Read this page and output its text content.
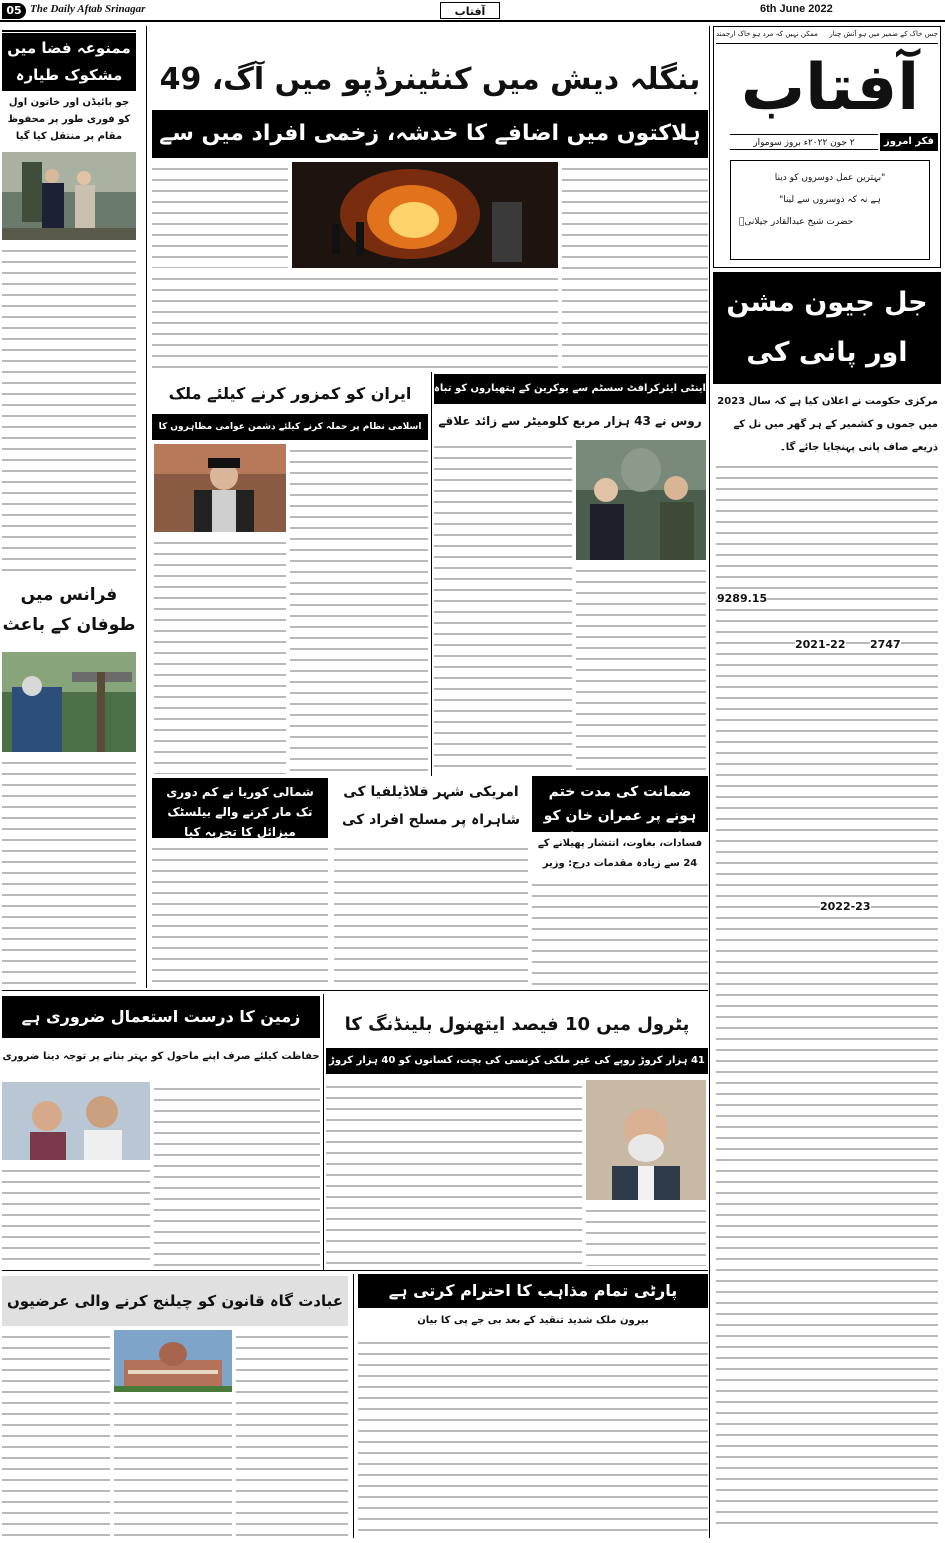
05 The Daily Aftab Srinagar	آفتاب	6th June 2022
جس خاک کے ضمیر میں ہو آتش چنار
ممکن نہیں کہ مرد ہو خاک ارجمند
آفتاب
فکر امروز
۲ جون ۲۰۲۲ء بروز سوموار
"بہترین عمل دوسروں کو دینا
ہے نہ کہ دوسروں سے لینا"
حضرت شیخ عبدالقادر جیلانیؒ
جل جیون مشن اور پانی کی
مرکزی حکومت نے اعلان کیا ہے کہ سال 2023 میں جموں و کشمیر کے ہر گھر میں نل کے ذریعے صاف پانی پہنچایا جائے گا۔
9289.15
2747
2021-22
2022-23
ممنوعہ فضا میں
مشکوک طیارہ
جو بائیڈن اور خاتون اول کو فوری طور پر محفوظ مقام پر منتقل کیا گیا
فرانس میں طوفان کے باعث
بنگلہ دیش میں کنٹینرڈپو میں آگ، 49
ہلاکتوں میں اضافے کا خدشہ، زخمی افراد میں سے
ایران کو کمزور کرنے کیلئے ملک
اسلامی نظام پر حملہ کرنے کیلئے دشمن عوامی مظاہروں کا
اینٹی ایئرکرافٹ سسٹم سے یوکرین کے ہتھیاروں کو تباہ
روس نے 43 ہزار مربع کلومیٹر سے زائد علاقے
شمالی کوریا نے کم دوری تک مار کرنے والے بیلسٹک میزائل کا تجربہ کیا
امریکی شہر فلاڈیلفیا کی شاہراہ پر مسلح افراد کی
ضمانت کی مدت ختم ہونے پر عمران خان کو
فسادات، بغاوت، انتشار پھیلانے کے
24 سے زیادہ مقدمات درج: وزیر
زمین کا درست استعمال ضروری ہے
حفاظت کیلئے صرف اپنے ماحول کو بہتر بنانے پر توجہ دینا ضروری
پٹرول میں 10 فیصد ایتھنول بلینڈنگ کا
41 ہزار کروڑ روپے کی غیر ملکی کرنسی کی بچت، کسانوں کو 40 ہزار کروڑ
عبادت گاہ قانون کو چیلنج کرنے والی عرضیوں
پارٹی تمام مذاہب کا احترام کرتی ہے
بیرون ملک شدید تنقید کے بعد بی جے پی کا بیان
